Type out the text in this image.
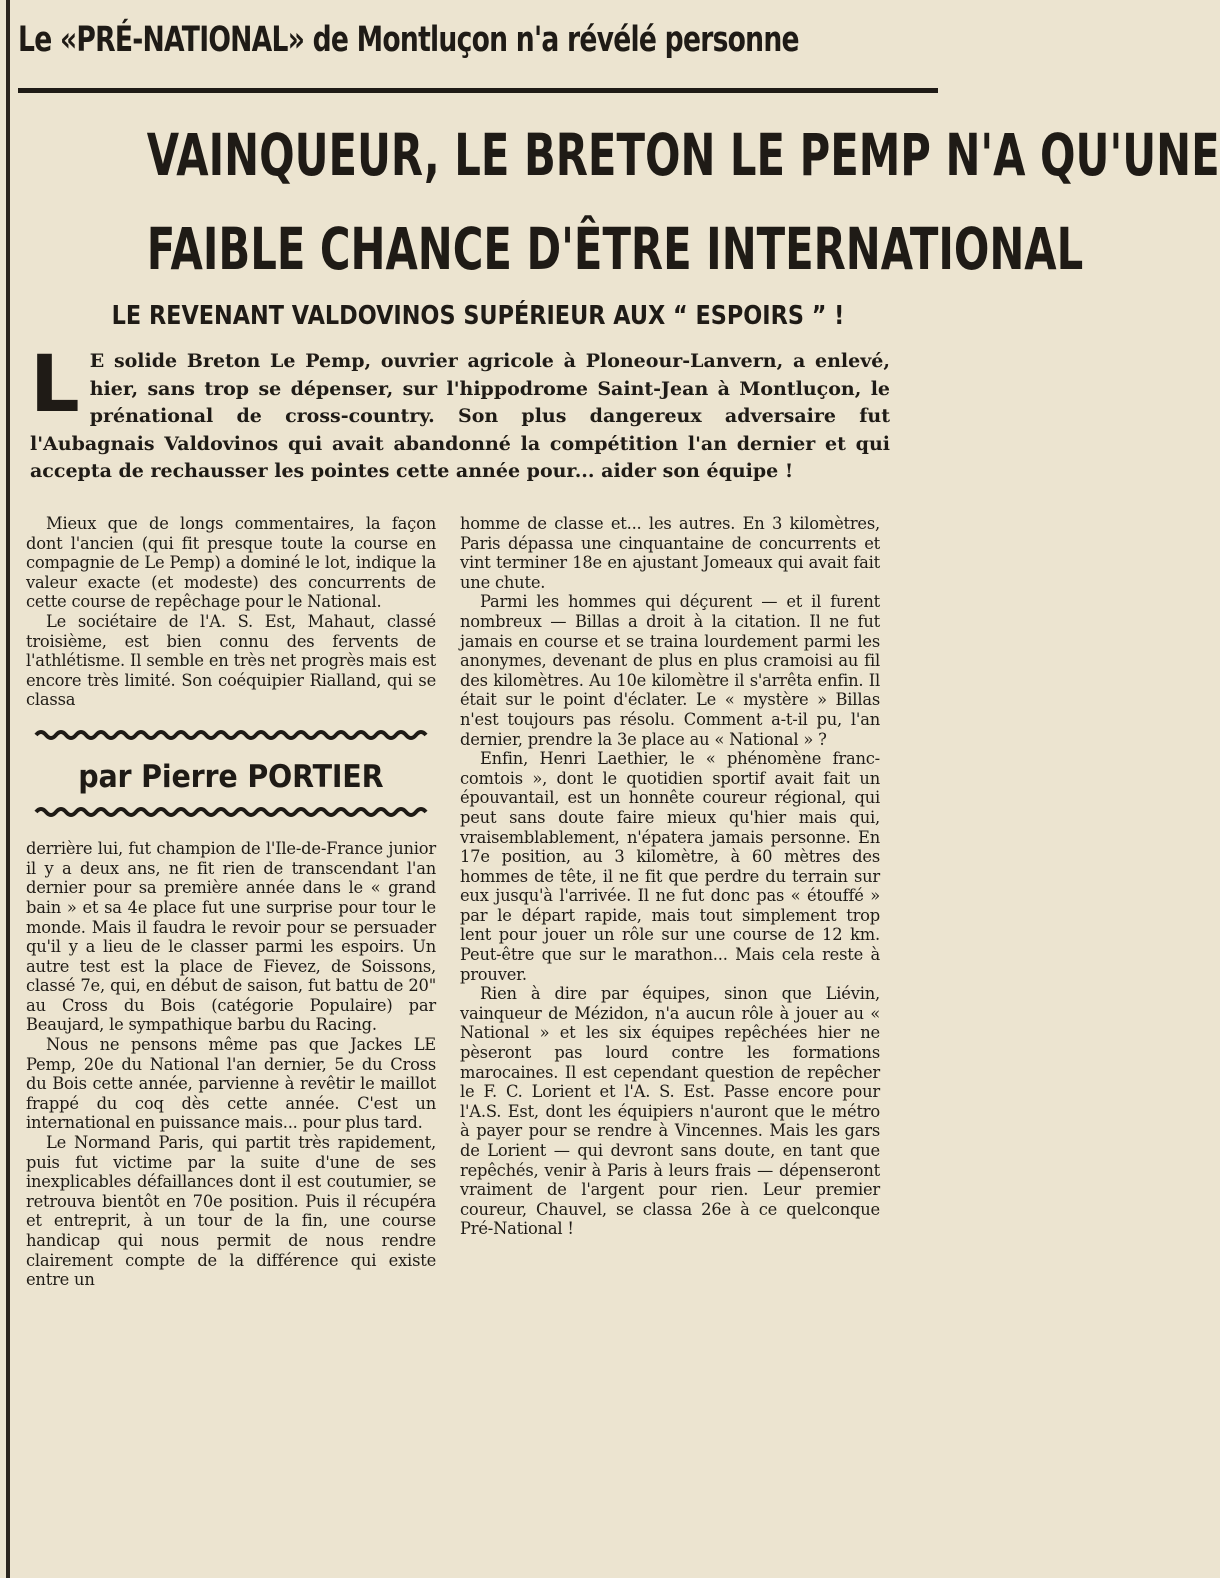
Le «PRÉ-NATIONAL» de Montluçon n'a révélé personne
VAINQUEUR, LE BRETON LE PEMP N'A QU'UNE
FAIBLE CHANCE D'ÊTRE INTERNATIONAL
LE REVENANT VALDOVINOS SUPÉRIEUR AUX “ ESPOIRS ” !
L E solide Breton Le Pemp, ouvrier agricole à Ploneour-Lanvern, a enlevé, hier, sans trop se dépenser, sur l'hippodrome Saint-Jean à Montluçon, le prénational de cross-country. Son plus dangereux adversaire fut l'Aubagnais Valdovinos qui avait abandonné la compétition l'an dernier et qui accepta de rechausser les pointes cette année pour... aider son équipe !

Mieux que de longs commentaires, la façon dont l'ancien (qui fit presque toute la course en compagnie de Le Pemp) a dominé le lot, indique la valeur exacte (et modeste) des concurrents de cette course de repêchage pour le National.

Le sociétaire de l'A. S. Est, Mahaut, classé troisième, est bien connu des fervents de l'athlétisme. Il semble en très net progrès mais est encore très limité. Son coéquipier Rialland, qui se classa

par Pierre PORTIER

derrière lui, fut champion de l'Ile-de-France junior il y a deux ans, ne fit rien de transcendant l'an dernier pour sa première année dans le « grand bain » et sa 4e place fut une surprise pour tour le monde. Mais il faudra le revoir pour se persuader qu'il y a lieu de le classer parmi les espoirs. Un autre test est la place de Fievez, de Soissons, classé 7e, qui, en début de saison, fut battu de 20" au Cross du Bois (catégorie Populaire) par Beaujard, le sympathique barbu du Racing.

Nous ne pensons même pas que Jackes LE Pemp, 20e du National l'an dernier, 5e du Cross du Bois cette année, parvienne à revêtir le maillot frappé du coq dès cette année. C'est un international en puissance mais... pour plus tard.

Le Normand Paris, qui partit très rapidement, puis fut victime par la suite d'une de ses inexplicables défaillances dont il est coutumier, se retrouva bientôt en 70e position. Puis il récupéra et entreprit, à un tour de la fin, une course handicap qui nous permit de nous rendre clairement compte de la différence qui existe entre un

homme de classe et... les autres. En 3 kilomètres, Paris dépassa une cinquantaine de concurrents et vint terminer 18e en ajustant Jomeaux qui avait fait une chute.

Parmi les hommes qui déçurent — et il furent nombreux — Billas a droit à la citation. Il ne fut jamais en course et se traina lourdement parmi les anonymes, devenant de plus en plus cramoisi au fil des kilomètres. Au 10e kilomètre il s'arrêta enfin. Il était sur le point d'éclater. Le « mystère » Billas n'est toujours pas résolu. Comment a-t-il pu, l'an dernier, prendre la 3e place au « National » ?

Enfin, Henri Laethier, le « phénomène franc-comtois », dont le quotidien sportif avait fait un épouvantail, est un honnête coureur régional, qui peut sans doute faire mieux qu'hier mais qui, vraisemblablement, n'épatera jamais personne. En 17e position, au 3 kilomètre, à 60 mètres des hommes de tête, il ne fit que perdre du terrain sur eux jusqu'à l'arrivée. Il ne fut donc pas « étouffé » par le départ rapide, mais tout simplement trop lent pour jouer un rôle sur une course de 12 km. Peut-être que sur le marathon... Mais cela reste à prouver.

Rien à dire par équipes, sinon que Liévin, vainqueur de Mézidon, n'a aucun rôle à jouer au « National » et les six équipes repêchées hier ne pèseront pas lourd contre les formations marocaines. Il est cependant question de repêcher le F. C. Lorient et l'A. S. Est. Passe encore pour l'A.S. Est, dont les équipiers n'auront que le métro à payer pour se rendre à Vincennes. Mais les gars de Lorient — qui devront sans doute, en tant que repêchés, venir à Paris à leurs frais — dépenseront vraiment de l'argent pour rien. Leur premier coureur, Chauvel, se classa 26e à ce quelconque Pré-National !
